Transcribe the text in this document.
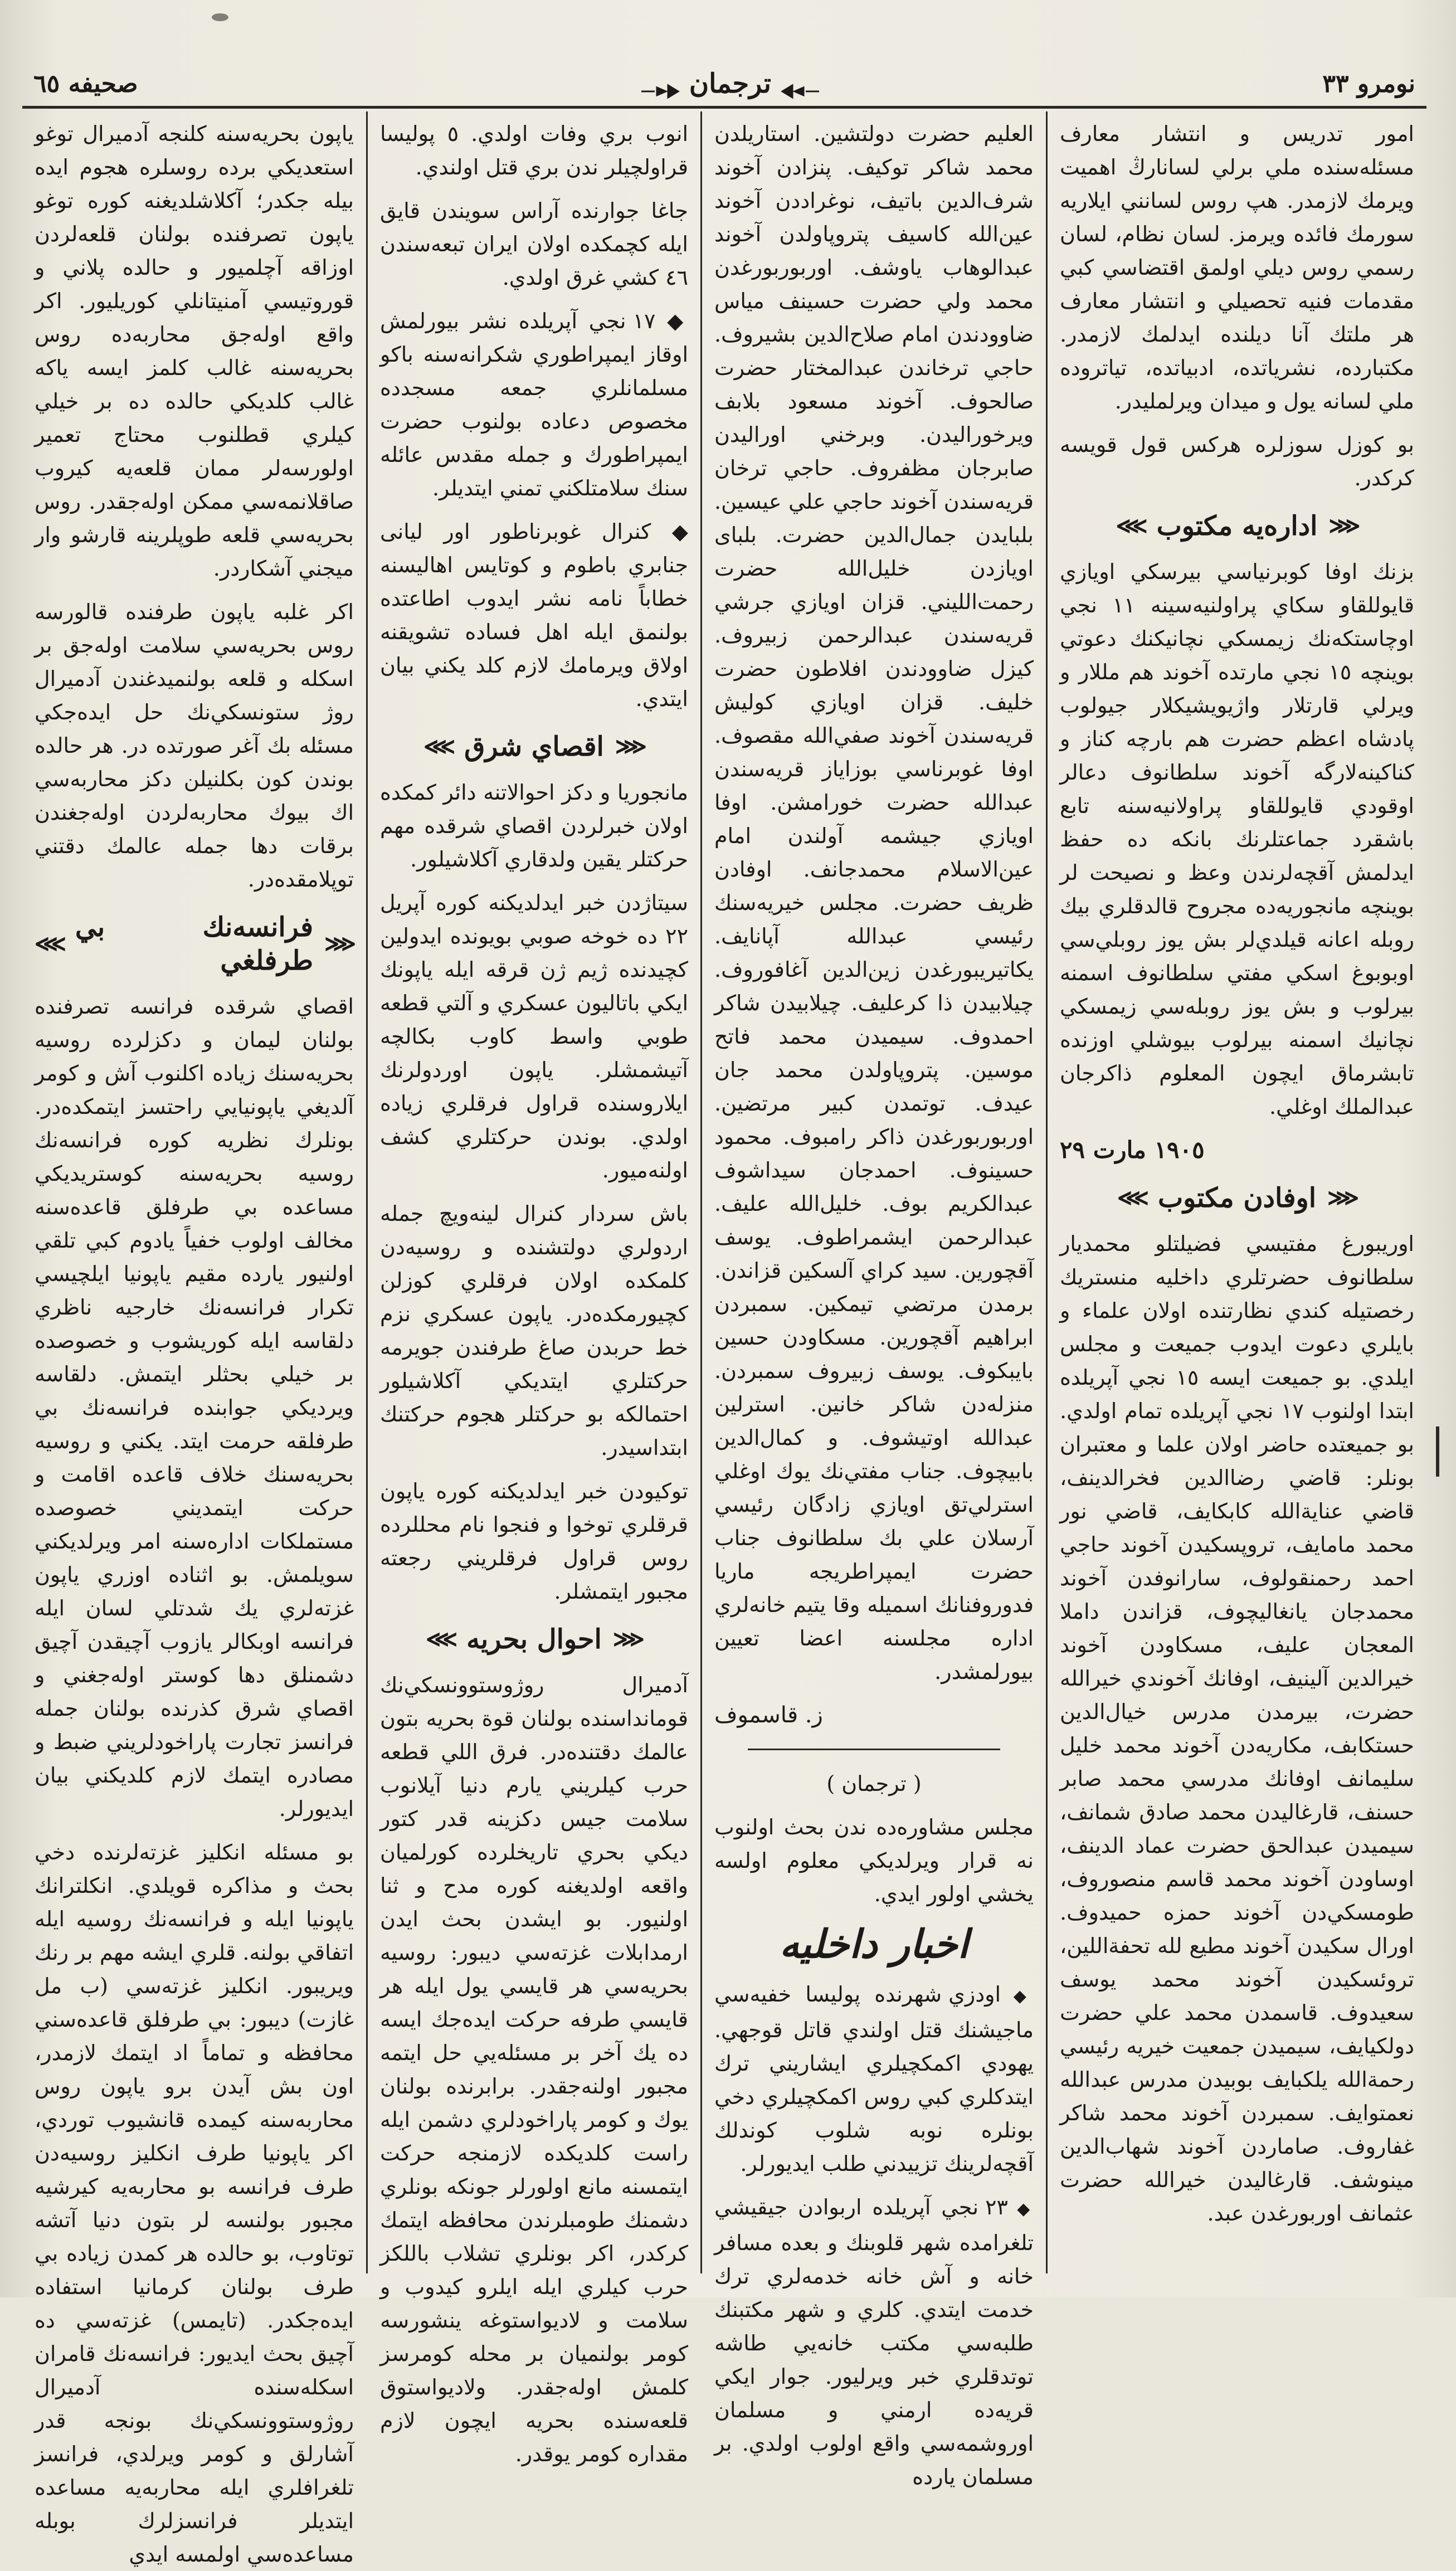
نومرو ٣٣
ترجمان
صحيفه ٦٥

امور تدريس و انتشار معارف مسئله‌سنده ملي برلي لسانارڭ اهميت ويرمك لازمدر. هپ روس لسانني ايلاريه سورمك فائده ويرمز. لسان نظام، لسان رسمي روس ديلي اولمق اقتضاسي كبي مقدمات فنيه تحصيلي و انتشار معارف هر ملتك آنا ديلنده ايدلمك لازمدر. مكتبارده، نشرياتده، ادبياتده، تياتروده ملي لسانه يول و ميدان ويرلمليدر.

بو كوزل سوزلره هركس قول قويسه كركدر.

⋘
اداره‌يه مكتوب
⋙

بزنك اوفا كوبرنياسي بيرسكي اويازي قايوللقاو سكاي پراولنيه‌سينه ١١ نجي اوچاستكه‌نك زيمسكي نچانيكنك دعوتي بوينچه ١٥ نجي مارتده آخوند هم مللار و ويرلي قارتلار واژيويشيكلار جيولوب پادشاه اعظم حضرت هم بارچه كناز و كناكينه‌لارگه آخوند سلطانوف دعالر اوقودي قايوللقاو پراولانيه‌سنه تابع باشقرد جماعتلرنك بانكه ده حفظ ايدلمش آقچه‌لرندن وعظ و نصيحت لر بوينچه مانجوريه‌ده مجروح قالدقلري بيك روبله اعانه قيلدي‌لر بش يوز روبلي‌سي اوبوبوغ اسكي مفتي سلطانوف اسمنه بيرلوب و بش يوز روبله‌سي زيمسكي نچانيك اسمنه بيرلوب بيوشلي اوزنده تابشرماق ايچون المعلوم ذاكرجان عبدالملك اوغلي.

١٩٠٥ مارت ٢٩

⋘
اوفادن مكتوب
⋙

اوريبورغ مفتيسي فضيلتلو محمديار سلطانوف حضرتلري داخليه منستريك رخصتيله كندي نظارتنده اولان علماء و بايلري دعوت ايدوب جميعت و مجلس ايلدي. بو جميعت ايسه ١٥ نجي آپريلده ابتدا اولنوب ١٧ نجي آپريلده تمام اولدي. بو جميعتده حاضر اولان علما و معتبران بونلر: قاضي رضاالدين فخرالدينف، قاضي عنايةالله كابكايف، قاضي نور محمد مامايف، تروپسكيدن آخوند حاجي احمد رحمنقولوف، سارانوفدن آخوند محمدجان يانغاليچوف، قزاندن داملا المعجان عليف، مسكاودن آخوند خيرالدين آلينيف، اوفانك آخوندي خيرالله حضرت، بيرمدن مدرس خيال‌الدين حستكابف، مكاريه‌دن آخوند محمد خليل سليمانف اوفانك مدرسي محمد صابر حسنف، قارغاليدن محمد صادق شمانف، سيميدن عبدالحق حضرت عماد الدينف، اوساودن آخوند محمد قاسم منصوروف، طومسكي‌دن آخوند حمزه حميدوف. اورال سكيدن آخوند مطيع لله تحفةاللين، تروئسكيدن آخوند محمد يوسف سعيدوف. قاسمدن محمد علي حضرت دولكيايف، سيميدن جمعيت خيريه رئيسي رحمةالله يلكبايف بوبيدن مدرس عبدالله نعمتوايف. سمبردن آخوند محمد شاكر غفاروف. صاماردن آخوند شهاب‌الدين مينوشف. قارغاليدن خيرالله حضرت عثمانف اوربورغدن عبد.

العليم حضرت دولتشين. استاريلدن محمد شاكر توكيف. پنزادن آخوند شرف‌الدين باتيف، نوغراددن آخوند عين‌الله كاسيف پتروپاولدن آخوند عبدالوهاب ياوشف. اوربوربورغدن محمد ولي حضرت حسينف مياس ضاوودندن امام صلاح‌الدين بشيروف. حاجي ترخاندن عبدالمختار حضرت صالحوف. آخوند مسعود بلابف ويرخوراليدن. وبرخني اوراليدن صابرجان مظفروف. حاجي ترخان قريه‌سندن آخوند حاجي علي عيسين. بلبايدن جمال‌الدين حضرت. بلبای اويازدن خليل‌الله حضرت رحمت‌الليني. قزان اويازي جرشي قريه‌سندن عبدالرحمن زبيروف. كيزل ضاوودندن افلاطون حضرت خليف. قزان اويازي كوليش قريه‌سندن آخوند صفي‌الله مقصوف. اوفا غوبرناسي بوزاياز قريه‌سندن عبدالله حضرت خورامشن. اوفا اويازي جيشمه آولندن امام عين‌الاسلام محمدجانف. اوفادن ظريف حضرت. مجلس خيريه‌سنك رئيسي عبدالله آپانايف. يكاتيريبورغدن زين‌الدين آغافوروف. چيلابيدن ذا كرعليف. چيلابيدن شاكر احمدوف. سيميدن محمد فاتح موسين. پتروپاولدن محمد جان عيدف. توتمدن كبير مرتضين. اوربوربورغدن ذاكر رامبوف. محمود حسينوف. احمدجان سيداشوف عبدالكريم بوف. خليل‌الله عليف. عبدالرحمن ايشمراطوف. يوسف آقچورين. سيد كراي آلسكين قزاندن. برمدن مرتضي تيمكين. سمبردن ابراهيم آقچورين. مسكاودن حسين بايبكوف. يوسف زبيروف سمبردن. منزله‌دن شاكر خانين. استرلين عبدالله اوتيشوف. و كمال‌الدين بابيچوف. جناب مفتي‌نك يوك اوغلي استرلي‌تق اويازي زادگان رئيسي آرسلان علي بك سلطانوف جناب حضرت ايمپراطريجه ماريا فدوروفنانك اسميله وقا يتيم خانه‌لري اداره مجلسنه اعضا تعيين بيورلمشدر.

ز. قاسموف

( ترجمان )

مجلس مشاوره‌ده ندن بحث اولنوب نه قرار ويرلديكي معلوم اولسه يخشي اولور ايدي.

اخبار داخليه

◆ اودزي شهرنده پوليسا خفيه‌سي ماجيشنك قتل اولندي قاتل قوجهي. يهودي اكمكچيلري ايشاريني ترك ايتدكلري كبي روس اكمكچيلري دخي بونلره نوبه شلوب كوندلك آقچه‌لرينك تزييدني طلب ايديورلر.

◆ ٢٣ نجي آپريلده اربوادن جيقيشي تلغرامده شهر قلوبنك و بعده مسافر خانه و آش خانه خدمه‌لري ترك خدمت ايتدي. كلري و شهر مكتبنك طلبه‌سي مكتب خانه‌يي طاشه توتدقلري خبر ويرليور. جوار ايكي قريه‌ده ارمني و مسلمان اوروشمه‌سي واقع اولوب اولدي. بر مسلمان يارده

انوب بري وفات اولدي. ٥ پوليسا قراولچيلر ندن بري قتل اولندي.

جاغا جوارنده آراس سويندن قايق ايله كچمكده اولان ايران تبعه‌سندن ٤٦ كشي غرق اولدي.

◆ ١٧ نجي آپريلده نشر بيورلمش اوقاز ايمپراطوري شكرانه‌سنه باكو مسلمانلري جمعه مسجدده مخصوص دعاده بولنوب حضرت ايمپراطورك و جمله مقدس عائله سنك سلامتلكني تمني ايتديلر.

◆ كنرال غوبرناطور اور ليانى جنابري باطوم و كوتايس اهاليسنه خطاباً نامه نشر ايدوب اطاعتده بولنمق ايله اهل فساده تشويقنه اولاق ويرمامك لازم كلد يكني بيان ايتدي.

⋘
اقصاي شرق
⋙

مانجوريا و دكز احوالاتنه دائر كمكده اولان خبرلردن اقصاي شرقده مهم حركتلر يقين ولدقاري آكلاشيلور.

سيتاژدن خبر ايدلديكنه كوره آپريل ٢٢ ده خوخه صوبي بويونده ايدولين كچيدنده ژيم ژن قرقه ايله ياپونك ايكي باتاليون عسكري و آلتي قطعه طوبي واسط كاوب بكالچه آتيشمشلر. ياپون اوردولرنك ايلاروسنده قراول فرقلري زياده اولدي. بوندن حركتلري كشف اولنه‌ميور.

باش سردار كنرال لينه‌ويچ جمله اردولري دولتشنده و روسيه‌دن كلمكده اولان فرقلري كوزلن كچيورمكده‌در. ياپون عسكري نزم خط حربدن صاغ طرفندن جويرمه حركتلري ايتديكي آكلاشيلور احتمالكه بو حركتلر هجوم حركتنك ابتداسيدر.

توكيودن خبر ايدلديكنه كوره ياپون قرقلري توخوا و فنجوا نام محللرده روس قراول فرقلريني رجعته مجبور ايتمشلر.

⋘
احوال بحريه
⋙

آدميرال روژوستوونسكي‌نك قوماندا‌سنده بولنان قوة بحريه بتون عالمك دقتنده‌در. فرق اللي قطعه حرب كيلريني يارم دنيا آيلانوب سلامت جيس دكزينه قدر كتور ديكي بحري تاريخلرده كورلميان واقعه اولديغنه كوره مدح و ثنا اولنيور. بو ايشدن بحث ايدن ارمدابلات غزته‌سي ديبور: روسيه بحريه‌سي هر قايسي يول ايله هر قايسي طرفه حركت ايده‌جك ايسه ده يك آخر بر مسئله‌يي حل ايتمه مجبور اولنه‌جقدر. برابرنده بولنان يوك و كومر پاراخودلري دشمن ايله راست كلديكده لازمنجه حركت ايتمسنه مانع اولورلر جونكه بونلري دشمنك طومبلرندن محافظه ايتمك كركدر، اكر بونلري تشلاب باللكز حرب كيلري ايله ايلرو كيدوب و سلامت و لاديواستوغه ينشورسه كومر بولنميان بر محله كومرسز كلمش اوله‌جقدر. ولاديواستوق قلعه‌سنده بحريه ايچون لازم مقداره كومر يوقدر.

ياپون بحريه‌سنه كلنجه آدميرال توغو استعديكي برده روسلره هجوم ايده بيله جكدر؛ آكلاشلديغنه كوره توغو ياپون تصرفنده بولنان قلعه‌لردن اوزاقه آچلميور و حالده پلاني و قوروتيسي آمنيتانلي كوريليور. اكر واقع اوله‌جق محاربه‌ده روس بحريه‌سنه غالب كلمز ايسه ياكه غالب كلديكي حالده ده بر خيلي كيلري قطلنوب محتاج تعمير اولورسه‌لر ممان قلعه‌يه كيروب صاقلانمه‌سي ممكن اوله‌جقدر. روس بحريه‌سي قلعه طوپلرينه قارشو وار ميجني آشكاردر.

اكر غلبه ياپون طرفنده قالورسه روس بحريه‌سي سلامت اوله‌جق بر اسكله و قلعه بولنميدغندن آدميرال روژ ستونسكي‌نك حل ايده‌جكي مسئله بك آغر صورتده در. هر حالده بوندن كون بكلنيلن دكز محاربه‌سي اك بيوك محاربه‌لردن اوله‌جغندن برقات دها جمله عالمك دقتني توپلامقده‌در.

⋘
فرانسه‌نك بي طرفلغي
⋙

اقصاي شرقده فرانسه تصرفنده بولنان ليمان و دكزلرده روسيه بحريه‌سنك زياده اكلنوب آش و كومر آلديغي ياپونيايي راحتسز ايتمكده‌در. بونلرك نظريه كوره فرانسه‌نك روسيه بحريه‌سنه كوستريديكي مساعده بي طرفلق قاعده‌سنه مخالف اولوب خفياً يادوم كبي تلقي اولنيور يارده مقيم ياپونيا ايلچيسي تكرار فرانسه‌نك خارجيه ناظري دلقاسه ايله كوريشوب و خصوصده بر خيلي بحثلر ايتمش. دلقاسه ويرديكي جوابنده فرانسه‌نك بي طرفلقه حرمت ايتد. يكني و روسيه بحريه‌سنك خلاف قاعده اقامت و حركت ايتمديني خصوصده مستملكات اداره‌سنه امر ويرلديكني سويلمش. بو اثناده اوزري ياپون غزته‌لري يك شدتلي لسان ايله فرانسه اوبكالر يازوب آچيقدن آچيق دشمنلق دها كوستر اوله‌جغني و اقصاي شرق كذرنده بولنان جمله فرانسز تجارت پاراخودلريني ضبط و مصادره ايتمك لازم كلديكني بيان ايديورلر.

بو مسئله انكليز غزته‌لرنده دخي بحث و مذاكره قويلدي. انكلترانك ياپونيا ايله و فرانسه‌نك روسيه ايله اتفاقي بولنه. قلري ايشه مهم بر رنك ويريبور. انكليز غزته‌سي (ب مل غازت) ديبور: بي طرفلق قاعده‌سني محافظه و تماماً اد ايتمك لازمدر، اون بش آيدن برو ياپون روس محاربه‌سنه كيمده قانشيوب توردي، اكر ياپونيا طرف انكليز روسيه‌دن طرف فرانسه بو محاربه‌يه كيرشيه مجبور بولنسه لر بتون دنيا آتشه توتاوب، بو حالده هر كمدن زياده بي طرف بولنان كرمانيا استفاده ايده‌جكدر. (تايمس) غزته‌سي ده آچيق بحث ايديور: فرانسه‌نك قامران اسكله‌سنده آدميرال روژوستوونسكي‌نك بونجه قدر آشارلق و كومر ويرلدي، فرانسز تلغرافلري ايله محاربه‌يه مساعده ايتديلر فرانسزلرك بوبله مساعده‌سي اولمسه ايدي
